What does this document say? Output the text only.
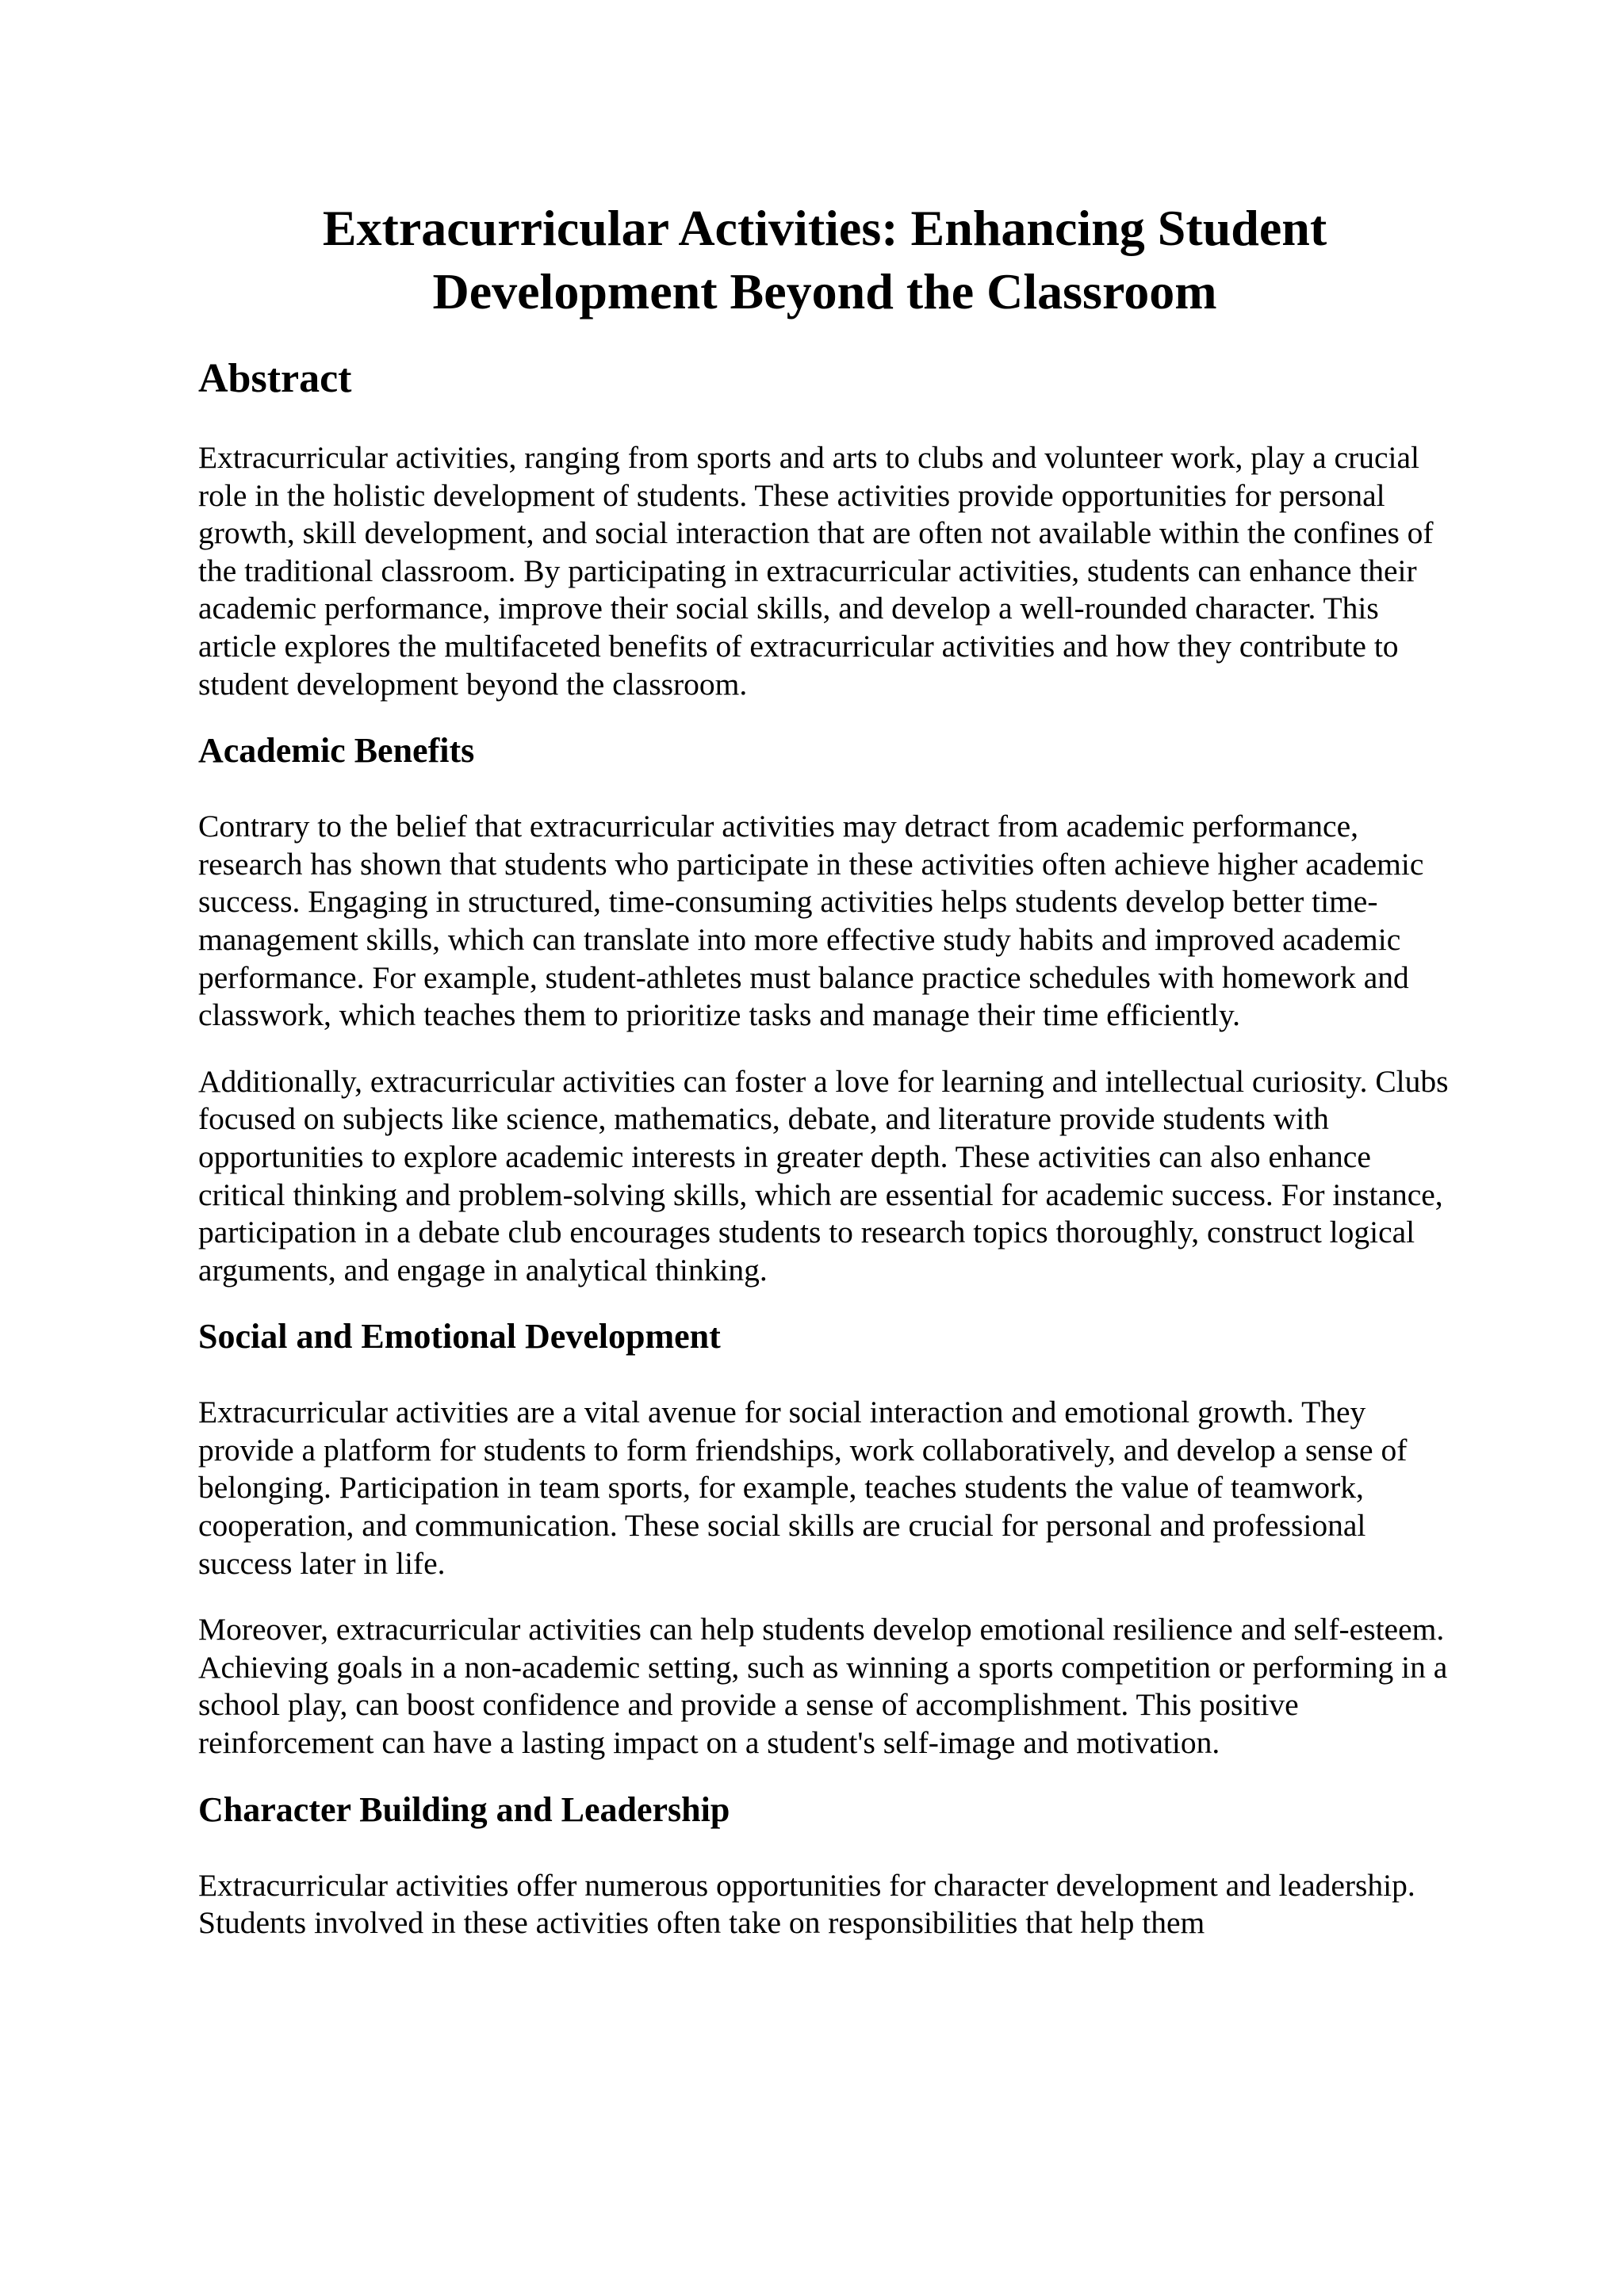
Extracurricular Activities: Enhancing Student Development Beyond the Classroom
Abstract

Extracurricular activities, ranging from sports and arts to clubs and volunteer work, play a crucial role in the holistic development of students. These activities provide opportunities for personal growth, skill development, and social interaction that are often not available within the confines of the traditional classroom. By participating in extracurricular activities, students can enhance their academic performance, improve their social skills, and develop a well-rounded character. This article explores the multifaceted benefits of extracurricular activities and how they contribute to student development beyond the classroom.

Academic Benefits

Contrary to the belief that extracurricular activities may detract from academic performance, research has shown that students who participate in these activities often achieve higher academic success. Engaging in structured, time-consuming activities helps students develop better time-management skills, which can translate into more effective study habits and improved academic performance. For example, student-athletes must balance practice schedules with homework and classwork, which teaches them to prioritize tasks and manage their time efficiently.

Additionally, extracurricular activities can foster a love for learning and intellectual curiosity. Clubs focused on subjects like science, mathematics, debate, and literature provide students with opportunities to explore academic interests in greater depth. These activities can also enhance critical thinking and problem-solving skills, which are essential for academic success. For instance, participation in a debate club encourages students to research topics thoroughly, construct logical arguments, and engage in analytical thinking.

Social and Emotional Development

Extracurricular activities are a vital avenue for social interaction and emotional growth. They provide a platform for students to form friendships, work collaboratively, and develop a sense of belonging. Participation in team sports, for example, teaches students the value of teamwork, cooperation, and communication. These social skills are crucial for personal and professional success later in life.

Moreover, extracurricular activities can help students develop emotional resilience and self-esteem. Achieving goals in a non-academic setting, such as winning a sports competition or performing in a school play, can boost confidence and provide a sense of accomplishment. This positive reinforcement can have a lasting impact on a student's self-image and motivation.

Character Building and Leadership

Extracurricular activities offer numerous opportunities for character development and leadership. Students involved in these activities often take on responsibilities that help them
